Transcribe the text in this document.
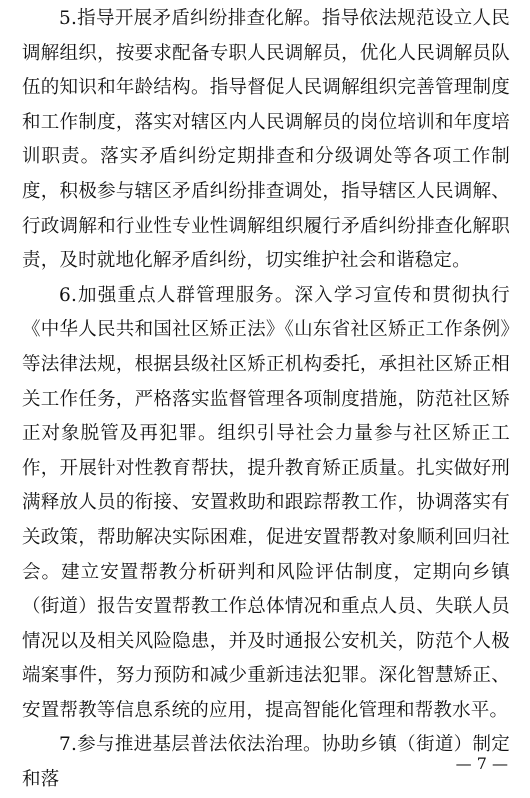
5.指导开展矛盾纠纷排查化解。指导依法规范设立人民调解组织，按要求配备专职人民调解员，优化人民调解员队伍的知识和年龄结构。指导督促人民调解组织完善管理制度和工作制度，落实对辖区内人民调解员的岗位培训和年度培训职责。落实矛盾纠纷定期排查和分级调处等各项工作制度，积极参与辖区矛盾纠纷排查调处，指导辖区人民调解、行政调解和行业性专业性调解组织履行矛盾纠纷排查化解职责，及时就地化解矛盾纠纷，切实维护社会和谐稳定。

6.加强重点人群管理服务。深入学习宣传和贯彻执行《中华人民共和国社区矫正法》《山东省社区矫正工作条例》等法律法规，根据县级社区矫正机构委托，承担社区矫正相关工作任务，严格落实监督管理各项制度措施，防范社区矫正对象脱管及再犯罪。组织引导社会力量参与社区矫正工作，开展针对性教育帮扶，提升教育矫正质量。扎实做好刑满释放人员的衔接、安置救助和跟踪帮教工作，协调落实有关政策，帮助解决实际困难，促进安置帮教对象顺利回归社会。建立安置帮教分析研判和风险评估制度，定期向乡镇（街道）报告安置帮教工作总体情况和重点人员、失联人员情况以及相关风险隐患，并及时通报公安机关，防范个人极端案事件，努力预防和减少重新违法犯罪。深化智慧矫正、安置帮教等信息系统的应用，提高智能化管理和帮教水平。

7.参与推进基层普法依法治理。协助乡镇（街道）制定和落

— 7 —
